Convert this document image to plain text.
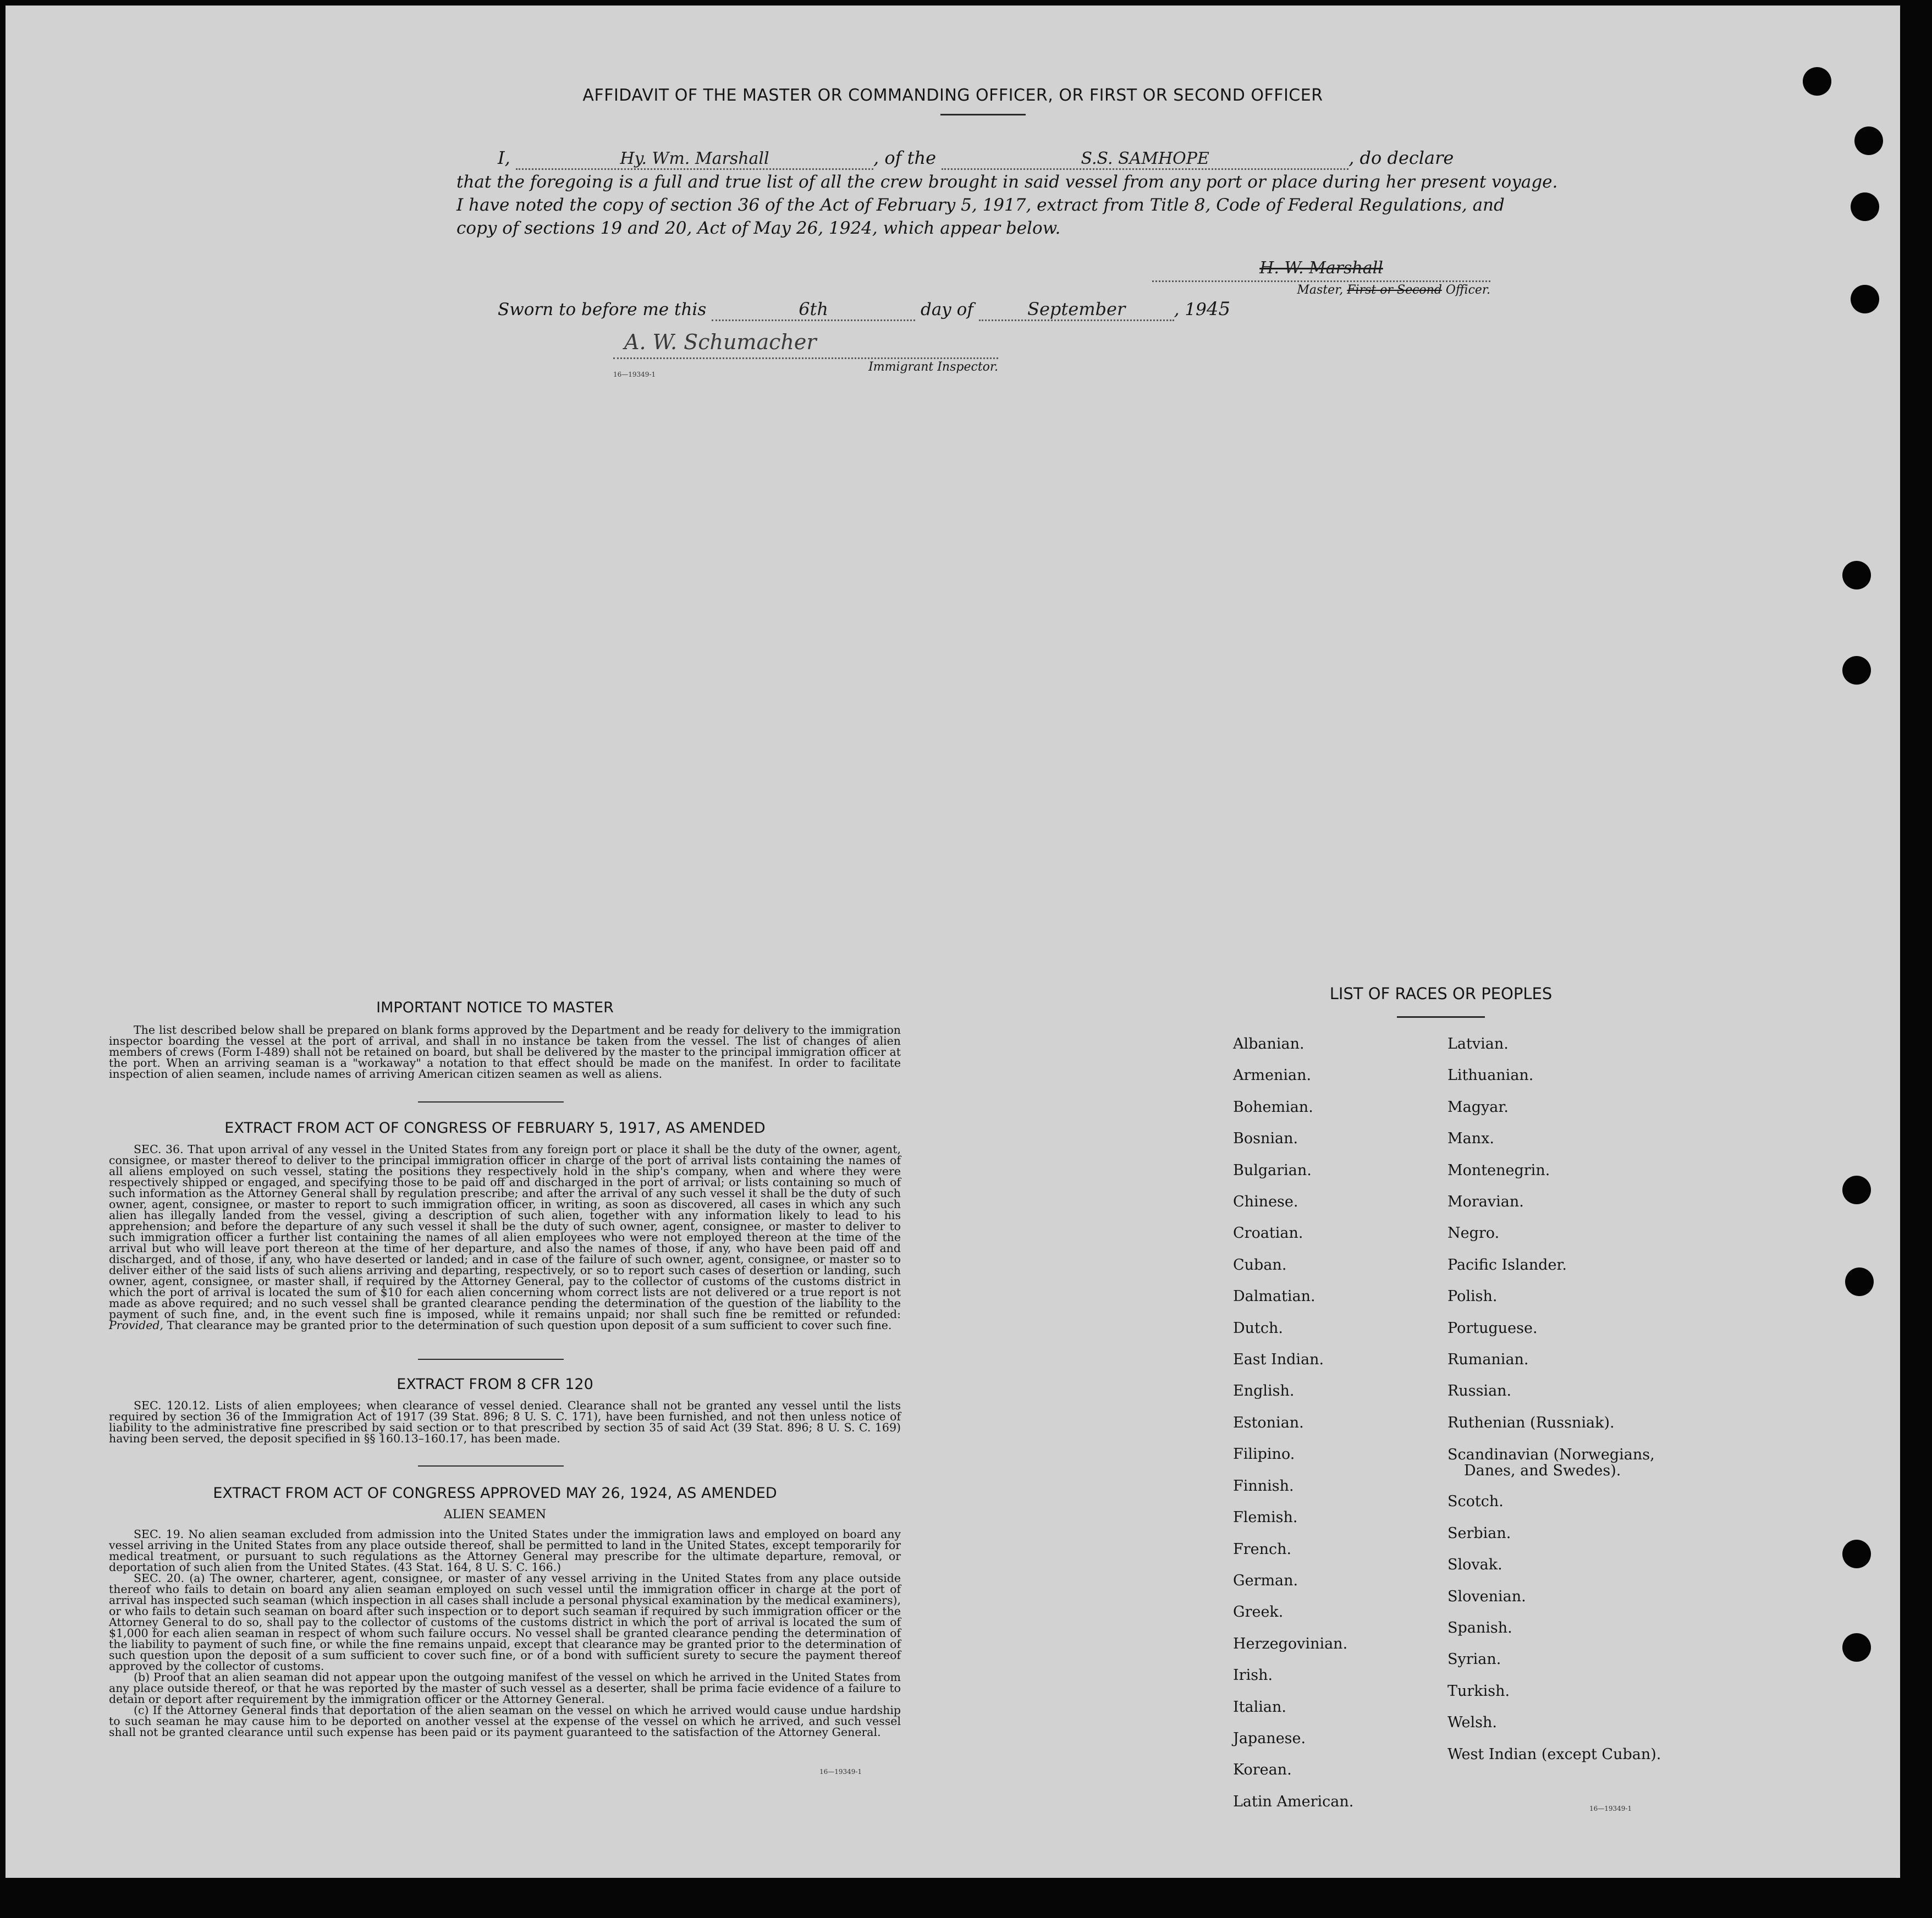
AFFIDAVIT OF THE MASTER OR COMMANDING OFFICER, OR FIRST OR SECOND OFFICER
I,	Hy. Wm. Marshall	, of the	S.S. SAMHOPE	, do declare
that the foregoing is a full and true list of all the crew brought in said vessel from any port or place during her present voyage.
I have noted the copy of section 36 of the Act of February 5, 1917, extract from Title 8, Code of Federal Regulations, and
copy of sections 19 and 20, Act of May 26, 1924, which appear below.
H. W. Marshall
Master, First or Second Officer.
Sworn to before me this	6th	day of	September	, 1945
A. W. Schumacher
Immigrant Inspector.
16—19349-1
IMPORTANT NOTICE TO MASTER

The list described below shall be prepared on blank forms approved by the Department and be ready for delivery to the immigration inspector boarding the vessel at the port of arrival, and shall in no instance be taken from the vessel. The list of changes of alien members of crews (Form I-489) shall not be retained on board, but shall be delivered by the master to the principal immigration officer at the port. When an arriving seaman is a "workaway" a notation to that effect should be made on the manifest. In order to facilitate inspection of alien seamen, include names of arriving American citizen seamen as well as aliens.

EXTRACT FROM ACT OF CONGRESS OF FEBRUARY 5, 1917, AS AMENDED

SEC. 36. That upon arrival of any vessel in the United States from any foreign port or place it shall be the duty of the owner, agent, consignee, or master thereof to deliver to the principal immigration officer in charge of the port of arrival lists containing the names of all aliens employed on such vessel, stating the positions they respectively hold in the ship's company, when and where they were respectively shipped or engaged, and specifying those to be paid off and discharged in the port of arrival; or lists containing so much of such information as the Attorney General shall by regulation prescribe; and after the arrival of any such vessel it shall be the duty of such owner, agent, consignee, or master to report to such immigration officer, in writing, as soon as discovered, all cases in which any such alien has illegally landed from the vessel, giving a description of such alien, together with any information likely to lead to his apprehension; and before the departure of any such vessel it shall be the duty of such owner, agent, consignee, or master to deliver to such immigration officer a further list containing the names of all alien employees who were not employed thereon at the time of the arrival but who will leave port thereon at the time of her departure, and also the names of those, if any, who have been paid off and discharged, and of those, if any, who have deserted or landed; and in case of the failure of such owner, agent, consignee, or master so to deliver either of the said lists of such aliens arriving and departing, respectively, or so to report such cases of desertion or landing, such owner, agent, consignee, or master shall, if required by the Attorney General, pay to the collector of customs of the customs district in which the port of arrival is located the sum of $10 for each alien concerning whom correct lists are not delivered or a true report is not made as above required; and no such vessel shall be granted clearance pending the determination of the question of the liability to the payment of such fine, and, in the event such fine is imposed, while it remains unpaid; nor shall such fine be remitted or refunded: Provided, That clearance may be granted prior to the determination of such question upon deposit of a sum sufficient to cover such fine.

EXTRACT FROM 8 CFR 120

SEC. 120.12. Lists of alien employees; when clearance of vessel denied. Clearance shall not be granted any vessel until the lists required by section 36 of the Immigration Act of 1917 (39 Stat. 896; 8 U. S. C. 171), have been furnished, and not then unless notice of liability to the administrative fine prescribed by said section or to that prescribed by section 35 of said Act (39 Stat. 896; 8 U. S. C. 169) having been served, the deposit specified in §§ 160.13–160.17, has been made.

EXTRACT FROM ACT OF CONGRESS APPROVED MAY 26, 1924, AS AMENDED
ALIEN SEAMEN

SEC. 19. No alien seaman excluded from admission into the United States under the immigration laws and employed on board any vessel arriving in the United States from any place outside thereof, shall be permitted to land in the United States, except temporarily for medical treatment, or pursuant to such regulations as the Attorney General may prescribe for the ultimate departure, removal, or deportation of such alien from the United States. (43 Stat. 164, 8 U. S. C. 166.)

SEC. 20. (a) The owner, charterer, agent, consignee, or master of any vessel arriving in the United States from any place outside thereof who fails to detain on board any alien seaman employed on such vessel until the immigration officer in charge at the port of arrival has inspected such seaman (which inspection in all cases shall include a personal physical examination by the medical examiners), or who fails to detain such seaman on board after such inspection or to deport such seaman if required by such immigration officer or the Attorney General to do so, shall pay to the collector of customs of the customs district in which the port of arrival is located the sum of $1,000 for each alien seaman in respect of whom such failure occurs. No vessel shall be granted clearance pending the determination of the liability to payment of such fine, or while the fine remains unpaid, except that clearance may be granted prior to the determination of such question upon the deposit of a sum sufficient to cover such fine, or of a bond with sufficient surety to secure the payment thereof approved by the collector of customs.

(b) Proof that an alien seaman did not appear upon the outgoing manifest of the vessel on which he arrived in the United States from any place outside thereof, or that he was reported by the master of such vessel as a deserter, shall be prima facie evidence of a failure to detain or deport after requirement by the immigration officer or the Attorney General.

(c) If the Attorney General finds that deportation of the alien seaman on the vessel on which he arrived would cause undue hardship to such seaman he may cause him to be deported on another vessel at the expense of the vessel on which he arrived, and such vessel shall not be granted clearance until such expense has been paid or its payment guaranteed to the satisfaction of the Attorney General.

16—19349-1
LIST OF RACES OR PEOPLES
Albanian.
Armenian.
Bohemian.
Bosnian.
Bulgarian.
Chinese.
Croatian.
Cuban.
Dalmatian.
Dutch.
East Indian.
English.
Estonian.
Filipino.
Finnish.
Flemish.
French.
German.
Greek.
Herzegovinian.
Irish.
Italian.
Japanese.
Korean.
Latin American.
Latvian.
Lithuanian.
Magyar.
Manx.
Montenegrin.
Moravian.
Negro.
Pacific Islander.
Polish.
Portuguese.
Rumanian.
Russian.
Ruthenian (Russniak).
Scandinavian (Norwegians,
Danes, and Swedes).
Scotch.
Serbian.
Slovak.
Slovenian.
Spanish.
Syrian.
Turkish.
Welsh.
West Indian (except Cuban).
16—19349-1
